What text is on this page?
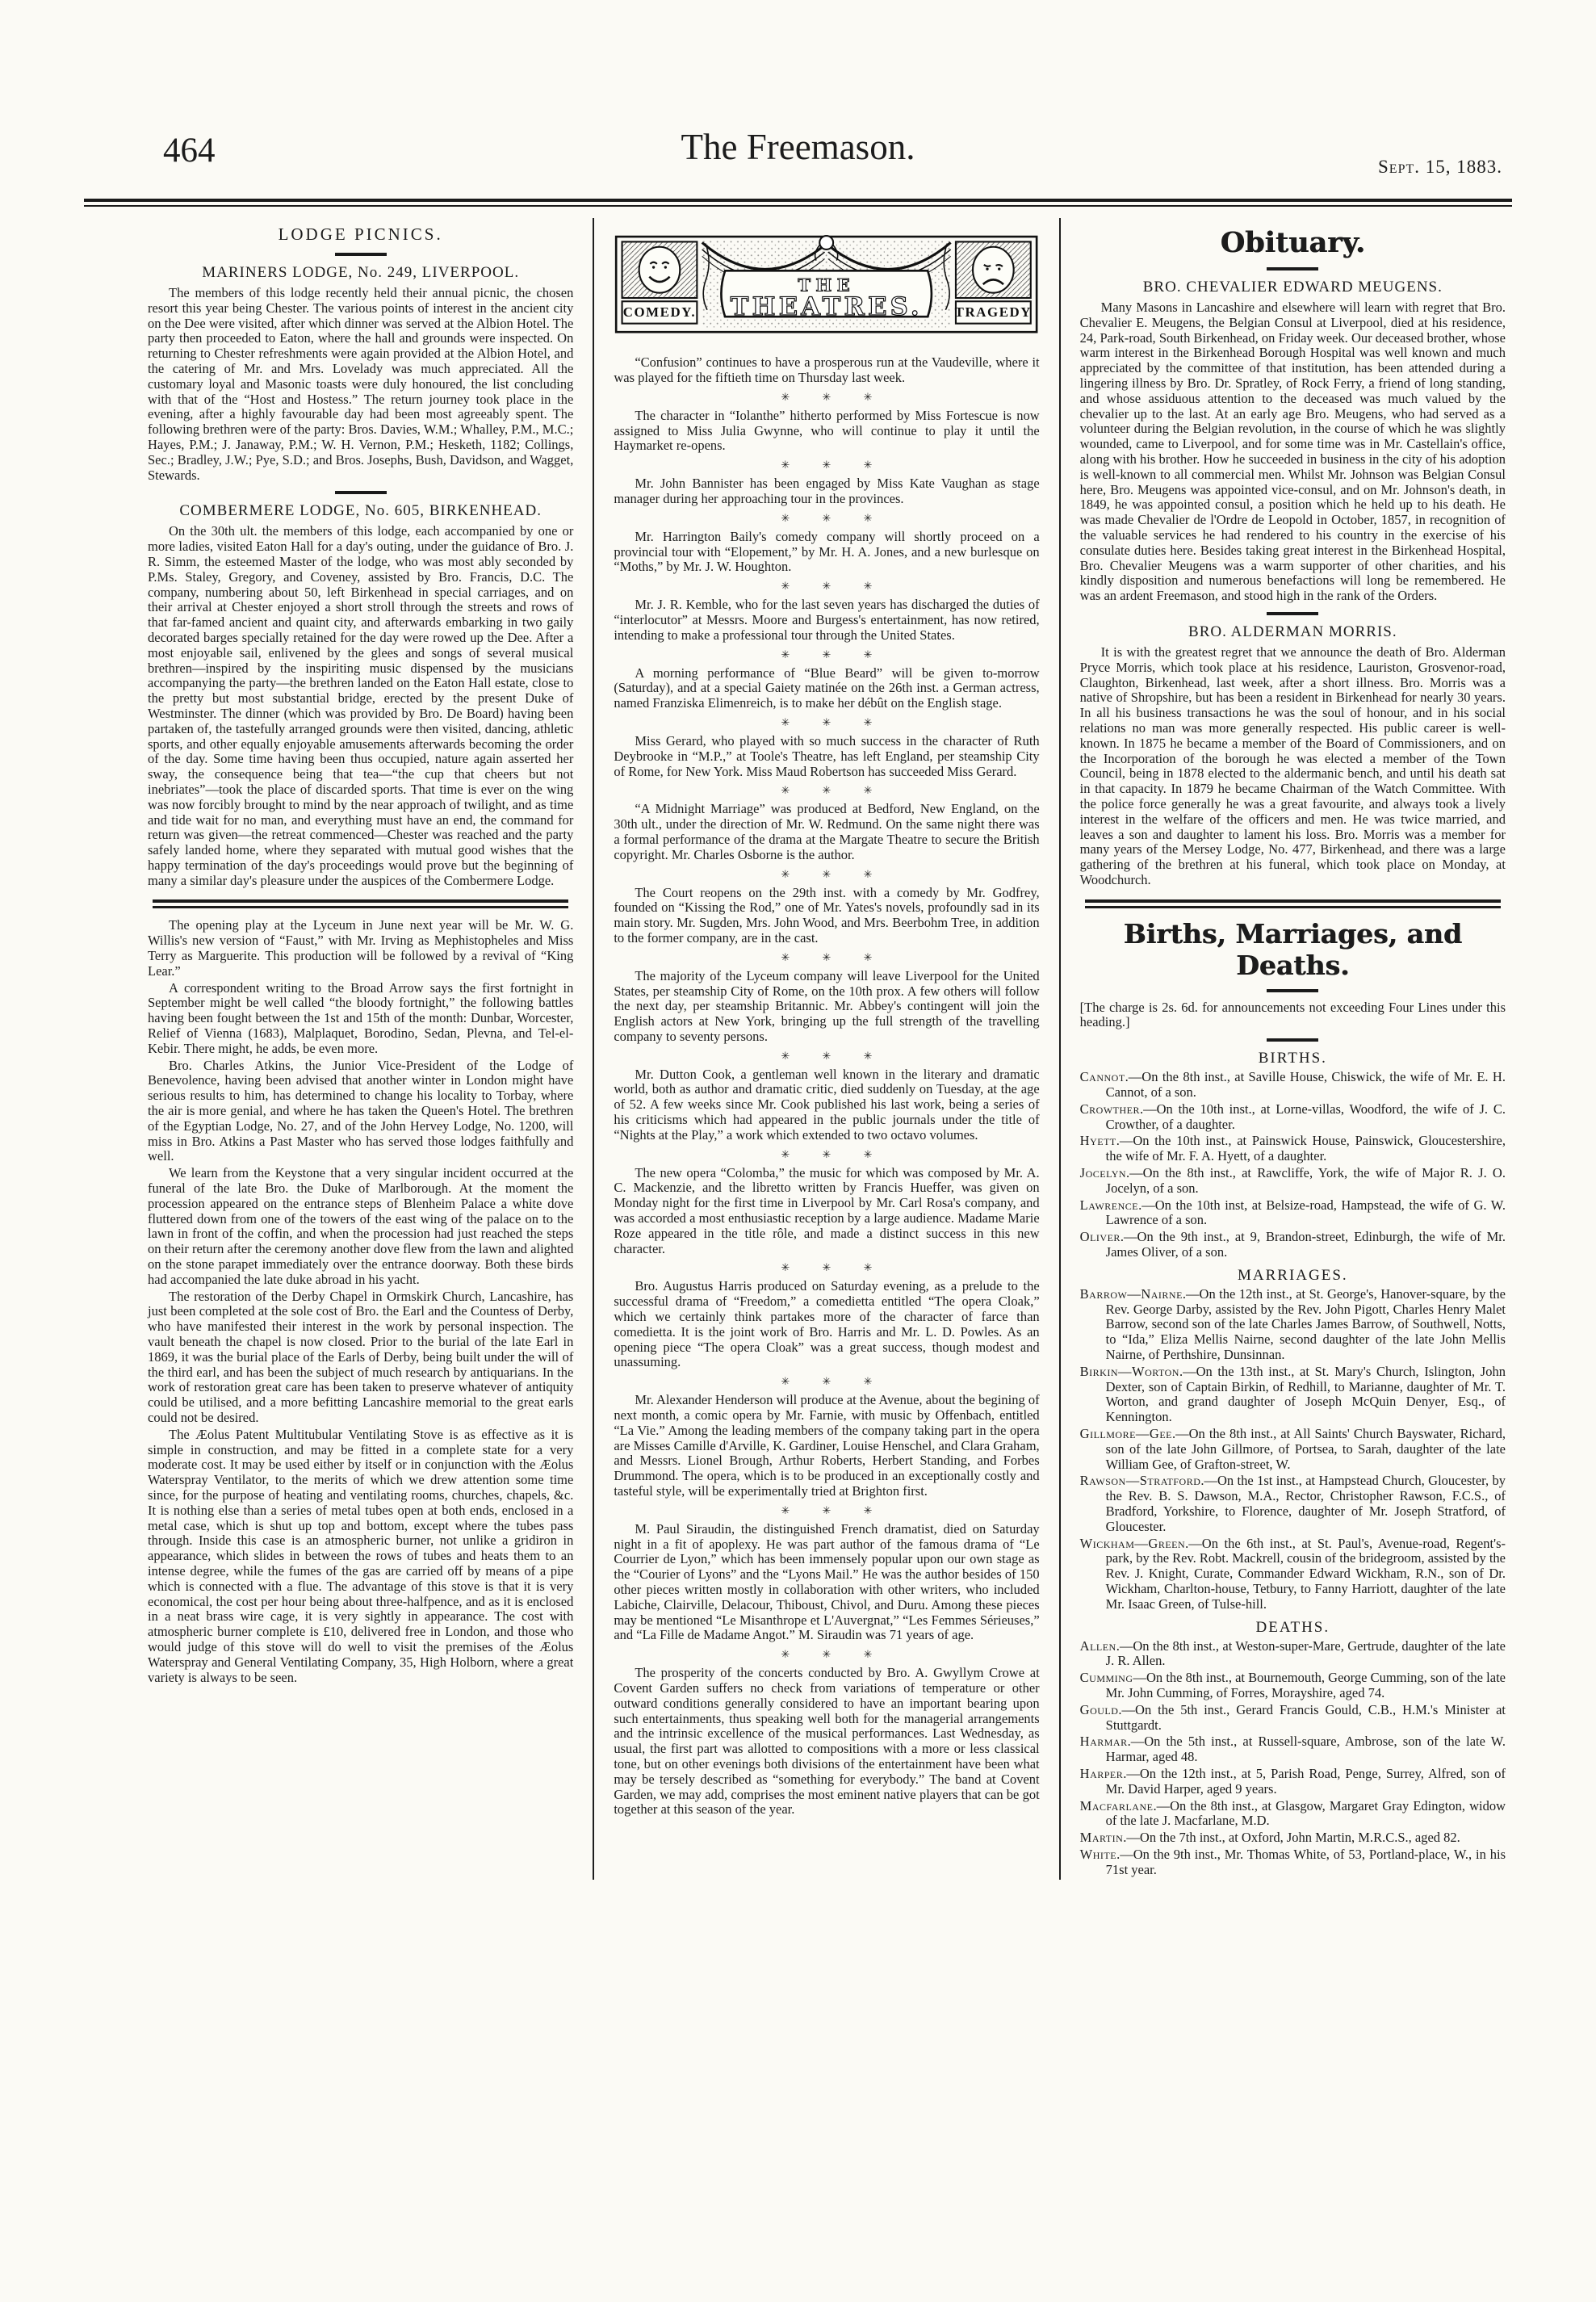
464	The Freemason.	Sept. 15, 1883.
LODGE PICNICS.
MARINERS LODGE, No. 249, LIVERPOOL.

The members of this lodge recently held their annual picnic, the chosen resort this year being Chester. The various points of interest in the ancient city on the Dee were visited, after which dinner was served at the Albion Hotel. The party then proceeded to Eaton, where the hall and grounds were inspected. On returning to Chester refreshments were again provided at the Albion Hotel, and the catering of Mr. and Mrs. Lovelady was much appreciated. All the customary loyal and Masonic toasts were duly honoured, the list concluding with that of the “Host and Hostess.” The return journey took place in the evening, after a highly favourable day had been most agreeably spent. The following brethren were of the party: Bros. Davies, W.M.; Whalley, P.M., M.C.; Hayes, P.M.; J. Janaway, P.M.; W. H. Vernon, P.M.; Hesketh, 1182; Collings, Sec.; Bradley, J.W.; Pye, S.D.; and Bros. Josephs, Bush, Davidson, and Wagget, Stewards.

COMBERMERE LODGE, No. 605, BIRKENHEAD.

On the 30th ult. the members of this lodge, each accompanied by one or more ladies, visited Eaton Hall for a day's outing, under the guidance of Bro. J. R. Simm, the esteemed Master of the lodge, who was most ably seconded by P.Ms. Staley, Gregory, and Coveney, assisted by Bro. Francis, D.C. The company, numbering about 50, left Birkenhead in special carriages, and on their arrival at Chester enjoyed a short stroll through the streets and rows of that far-famed ancient and quaint city, and afterwards embarking in two gaily decorated barges specially retained for the day were rowed up the Dee. After a most enjoyable sail, enlivened by the glees and songs of several musical brethren—inspired by the inspiriting music dispensed by the musicians accompanying the party—the brethren landed on the Eaton Hall estate, close to the pretty but most substantial bridge, erected by the present Duke of Westminster. The dinner (which was provided by Bro. De Board) having been partaken of, the tastefully arranged grounds were then visited, dancing, athletic sports, and other equally enjoyable amusements afterwards becoming the order of the day. Some time having been thus occupied, nature again asserted her sway, the consequence being that tea—“the cup that cheers but not inebriates”—took the place of discarded sports. That time is ever on the wing was now forcibly brought to mind by the near approach of twilight, and as time and tide wait for no man, and everything must have an end, the command for return was given—the retreat commenced—Chester was reached and the party safely landed home, where they separated with mutual good wishes that the happy termination of the day's proceedings would prove but the beginning of many a similar day's pleasure under the auspices of the Combermere Lodge.

The opening play at the Lyceum in June next year will be Mr. W. G. Willis's new version of “Faust,” with Mr. Irving as Mephistopheles and Miss Terry as Marguerite. This production will be followed by a revival of “King Lear.”

A correspondent writing to the Broad Arrow says the first fortnight in September might be well called “the bloody fortnight,” the following battles having been fought between the 1st and 15th of the month: Dunbar, Worcester, Relief of Vienna (1683), Malplaquet, Borodino, Sedan, Plevna, and Tel-el-Kebir. There might, he adds, be even more.

Bro. Charles Atkins, the Junior Vice-President of the Lodge of Benevolence, having been advised that another winter in London might have serious results to him, has determined to change his locality to Torbay, where the air is more genial, and where he has taken the Queen's Hotel. The brethren of the Egyptian Lodge, No. 27, and of the John Hervey Lodge, No. 1200, will miss in Bro. Atkins a Past Master who has served those lodges faithfully and well.

We learn from the Keystone that a very singular incident occurred at the funeral of the late Bro. the Duke of Marlborough. At the moment the procession appeared on the entrance steps of Blenheim Palace a white dove fluttered down from one of the towers of the east wing of the palace on to the lawn in front of the coffin, and when the procession had just reached the steps on their return after the ceremony another dove flew from the lawn and alighted on the stone parapet immediately over the entrance doorway. Both these birds had accompanied the late duke abroad in his yacht.

The restoration of the Derby Chapel in Ormskirk Church, Lancashire, has just been completed at the sole cost of Bro. the Earl and the Countess of Derby, who have manifested their interest in the work by personal inspection. The vault beneath the chapel is now closed. Prior to the burial of the late Earl in 1869, it was the burial place of the Earls of Derby, being built under the will of the third earl, and has been the subject of much research by antiquarians. In the work of restoration great care has been taken to preserve whatever of antiquity could be utilised, and a more befitting Lancashire memorial to the great earls could not be desired.

The Æolus Patent Multitubular Ventilating Stove is as effective as it is simple in construction, and may be fitted in a complete state for a very moderate cost. It may be used either by itself or in conjunction with the Æolus Waterspray Ventilator, to the merits of which we drew attention some time since, for the purpose of heating and ventilating rooms, churches, chapels, &c. It is nothing else than a series of metal tubes open at both ends, enclosed in a metal case, which is shut up top and bottom, except where the tubes pass through. Inside this case is an atmospheric burner, not unlike a gridiron in appearance, which slides in between the rows of tubes and heats them to an intense degree, while the fumes of the gas are carried off by means of a pipe which is connected with a flue. The advantage of this stove is that it is very economical, the cost per hour being about three-halfpence, and as it is enclosed in a neat brass wire cage, it is very sightly in appearance. The cost with atmospheric burner complete is £10, delivered free in London, and those who would judge of this stove will do well to visit the premises of the Æolus Waterspray and General Ventilating Company, 35, High Holborn, where a great variety is always to be seen.

THE
THEATRES.
COMEDY.	TRAGEDY

“Confusion” continues to have a prosperous run at the Vaudeville, where it was played for the fiftieth time on Thursday last week.

✳ ✳ ✳

The character in “Iolanthe” hitherto performed by Miss Fortescue is now assigned to Miss Julia Gwynne, who will continue to play it until the Haymarket re-opens.

✳ ✳ ✳

Mr. John Bannister has been engaged by Miss Kate Vaughan as stage manager during her approaching tour in the provinces.

✳ ✳ ✳

Mr. Harrington Baily's comedy company will shortly proceed on a provincial tour with “Elopement,” by Mr. H. A. Jones, and a new burlesque on “Moths,” by Mr. J. W. Houghton.

✳ ✳ ✳

Mr. J. R. Kemble, who for the last seven years has discharged the duties of “interlocutor” at Messrs. Moore and Burgess's entertainment, has now retired, intending to make a professional tour through the United States.

✳ ✳ ✳

A morning performance of “Blue Beard” will be given to-morrow (Saturday), and at a special Gaiety matinée on the 26th inst. a German actress, named Franziska Elimenreich, is to make her débût on the English stage.

✳ ✳ ✳

Miss Gerard, who played with so much success in the character of Ruth Deybrooke in “M.P.,” at Toole's Theatre, has left England, per steamship City of Rome, for New York. Miss Maud Robertson has succeeded Miss Gerard.

✳ ✳ ✳

“A Midnight Marriage” was produced at Bedford, New England, on the 30th ult., under the direction of Mr. W. Redmund. On the same night there was a formal performance of the drama at the Margate Theatre to secure the British copyright. Mr. Charles Osborne is the author.

✳ ✳ ✳

The Court reopens on the 29th inst. with a comedy by Mr. Godfrey, founded on “Kissing the Rod,” one of Mr. Yates's novels, profoundly sad in its main story. Mr. Sugden, Mrs. John Wood, and Mrs. Beerbohm Tree, in addition to the former company, are in the cast.

✳ ✳ ✳

The majority of the Lyceum company will leave Liverpool for the United States, per steamship City of Rome, on the 10th prox. A few others will follow the next day, per steamship Britannic. Mr. Abbey's contingent will join the English actors at New York, bringing up the full strength of the travelling company to seventy persons.

✳ ✳ ✳

Mr. Dutton Cook, a gentleman well known in the literary and dramatic world, both as author and dramatic critic, died suddenly on Tuesday, at the age of 52. A few weeks since Mr. Cook published his last work, being a series of his criticisms which had appeared in the public journals under the title of “Nights at the Play,” a work which extended to two octavo volumes.

✳ ✳ ✳

The new opera “Colomba,” the music for which was composed by Mr. A. C. Mackenzie, and the libretto written by Francis Hueffer, was given on Monday night for the first time in Liverpool by Mr. Carl Rosa's company, and was accorded a most enthusiastic reception by a large audience. Madame Marie Roze appeared in the title rôle, and made a distinct success in this new character.

✳ ✳ ✳

Bro. Augustus Harris produced on Saturday evening, as a prelude to the successful drama of “Freedom,” a comedietta entitled “The opera Cloak,” which we certainly think partakes more of the character of farce than comedietta. It is the joint work of Bro. Harris and Mr. L. D. Powles. As an opening piece “The opera Cloak” was a great success, though modest and unassuming.

✳ ✳ ✳

Mr. Alexander Henderson will produce at the Avenue, about the begining of next month, a comic opera by Mr. Farnie, with music by Offenbach, entitled “La Vie.” Among the leading members of the company taking part in the opera are Misses Camille d'Arville, K. Gardiner, Louise Henschel, and Clara Graham, and Messrs. Lionel Brough, Arthur Roberts, Herbert Standing, and Forbes Drummond. The opera, which is to be produced in an exceptionally costly and tasteful style, will be experimentally tried at Brighton first.

✳ ✳ ✳

M. Paul Siraudin, the distinguished French dramatist, died on Saturday night in a fit of apoplexy. He was part author of the famous drama of “Le Courrier de Lyon,” which has been immensely popular upon our own stage as the “Courier of Lyons” and the “Lyons Mail.” He was the author besides of 150 other pieces written mostly in collaboration with other writers, who included Labiche, Clairville, Delacour, Thiboust, Chivol, and Duru. Among these pieces may be mentioned “Le Misanthrope et L'Auvergnat,” “Les Femmes Sérieuses,” and “La Fille de Madame Angot.” M. Siraudin was 71 years of age.

✳ ✳ ✳

The prosperity of the concerts conducted by Bro. A. Gwyllym Crowe at Covent Garden suffers no check from variations of temperature or other outward conditions generally considered to have an important bearing upon such entertainments, thus speaking well both for the managerial arrangements and the intrinsic excellence of the musical performances. Last Wednesday, as usual, the first part was allotted to compositions with a more or less classical tone, but on other evenings both divisions of the entertainment have been what may be tersely described as “something for everybody.” The band at Covent Garden, we may add, comprises the most eminent native players that can be got together at this season of the year.

Obituary.
BRO. CHEVALIER EDWARD MEUGENS.

Many Masons in Lancashire and elsewhere will learn with regret that Bro. Chevalier E. Meugens, the Belgian Consul at Liverpool, died at his residence, 24, Park-road, South Birkenhead, on Friday week. Our deceased brother, whose warm interest in the Birkenhead Borough Hospital was well known and much appreciated by the committee of that institution, has been attended during a lingering illness by Bro. Dr. Spratley, of Rock Ferry, a friend of long standing, and whose assiduous attention to the deceased was much valued by the chevalier up to the last. At an early age Bro. Meugens, who had served as a volunteer during the Belgian revolution, in the course of which he was slightly wounded, came to Liverpool, and for some time was in Mr. Castellain's office, along with his brother. How he succeeded in business in the city of his adoption is well-known to all commercial men. Whilst Mr. Johnson was Belgian Consul here, Bro. Meugens was appointed vice-consul, and on Mr. Johnson's death, in 1849, he was appointed consul, a position which he held up to his death. He was made Chevalier de l'Ordre de Leopold in October, 1857, in recognition of the valuable services he had rendered to his country in the exercise of his consulate duties here. Besides taking great interest in the Birkenhead Hospital, Bro. Chevalier Meugens was a warm supporter of other charities, and his kindly disposition and numerous benefactions will long be remembered. He was an ardent Freemason, and stood high in the rank of the Orders.

BRO. ALDERMAN MORRIS.

It is with the greatest regret that we announce the death of Bro. Alderman Pryce Morris, which took place at his residence, Lauriston, Grosvenor-road, Claughton, Birkenhead, last week, after a short illness. Bro. Morris was a native of Shropshire, but has been a resident in Birkenhead for nearly 30 years. In all his business transactions he was the soul of honour, and in his social relations no man was more generally respected. His public career is well-known. In 1875 he became a member of the Board of Commissioners, and on the Incorporation of the borough he was elected a member of the Town Council, being in 1878 elected to the aldermanic bench, and until his death sat in that capacity. In 1879 he became Chairman of the Watch Committee. With the police force generally he was a great favourite, and always took a lively interest in the welfare of the officers and men. He was twice married, and leaves a son and daughter to lament his loss. Bro. Morris was a member for many years of the Mersey Lodge, No. 477, Birkenhead, and there was a large gathering of the brethren at his funeral, which took place on Monday, at Woodchurch.

Births, Marriages, and Deaths.

[The charge is 2s. 6d. for announcements not exceeding Four Lines under this heading.]

BIRTHS.

Cannot.—On the 8th inst., at Saville House, Chiswick, the wife of Mr. E. H. Cannot, of a son.

Crowther.—On the 10th inst., at Lorne-villas, Woodford, the wife of J. C. Crowther, of a daughter.

Hyett.—On the 10th inst., at Painswick House, Painswick, Gloucestershire, the wife of Mr. F. A. Hyett, of a daughter.

Jocelyn.—On the 8th inst., at Rawcliffe, York, the wife of Major R. J. O. Jocelyn, of a son.

Lawrence.—On the 10th inst, at Belsize-road, Hampstead, the wife of G. W. Lawrence of a son.

Oliver.—On the 9th inst., at 9, Brandon-street, Edinburgh, the wife of Mr. James Oliver, of a son.

MARRIAGES.

Barrow—Nairne.—On the 12th inst., at St. George's, Hanover-square, by the Rev. George Darby, assisted by the Rev. John Pigott, Charles Henry Malet Barrow, second son of the late Charles James Barrow, of Southwell, Notts, to “Ida,” Eliza Mellis Nairne, second daughter of the late John Mellis Nairne, of Perthshire, Dunsinnan.

Birkin—Worton.—On the 13th inst., at St. Mary's Church, Islington, John Dexter, son of Captain Birkin, of Redhill, to Marianne, daughter of Mr. T. Worton, and grand daughter of Joseph McQuin Denyer, Esq., of Kennington.

Gillmore—Gee.—On the 8th inst., at All Saints' Church Bayswater, Richard, son of the late John Gillmore, of Portsea, to Sarah, daughter of the late William Gee, of Grafton-street, W.

Rawson—Stratford.—On the 1st inst., at Hampstead Church, Gloucester, by the Rev. B. S. Dawson, M.A., Rector, Christopher Rawson, F.C.S., of Bradford, Yorkshire, to Florence, daughter of Mr. Joseph Stratford, of Gloucester.

Wickham—Green.—On the 6th inst., at St. Paul's, Avenue-road, Regent's-park, by the Rev. Robt. Mackrell, cousin of the bridegroom, assisted by the Rev. J. Knight, Curate, Commander Edward Wickham, R.N., son of Dr. Wickham, Charlton-house, Tetbury, to Fanny Harriott, daughter of the late Mr. Isaac Green, of Tulse-hill.

DEATHS.

Allen.—On the 8th inst., at Weston-super-Mare, Gertrude, daughter of the late J. R. Allen.

Cumming—On the 8th inst., at Bournemouth, George Cumming, son of the late Mr. John Cumming, of Forres, Morayshire, aged 74.

Gould.—On the 5th inst., Gerard Francis Gould, C.B., H.M.'s Minister at Stuttgardt.

Harmar.—On the 5th inst., at Russell-square, Ambrose, son of the late W. Harmar, aged 48.

Harper.—On the 12th inst., at 5, Parish Road, Penge, Surrey, Alfred, son of Mr. David Harper, aged 9 years.

Macfarlane.—On the 8th inst., at Glasgow, Margaret Gray Edington, widow of the late J. Macfarlane, M.D.

Martin.—On the 7th inst., at Oxford, John Martin, M.R.C.S., aged 82.

White.—On the 9th inst., Mr. Thomas White, of 53, Portland-place, W., in his 71st year.
